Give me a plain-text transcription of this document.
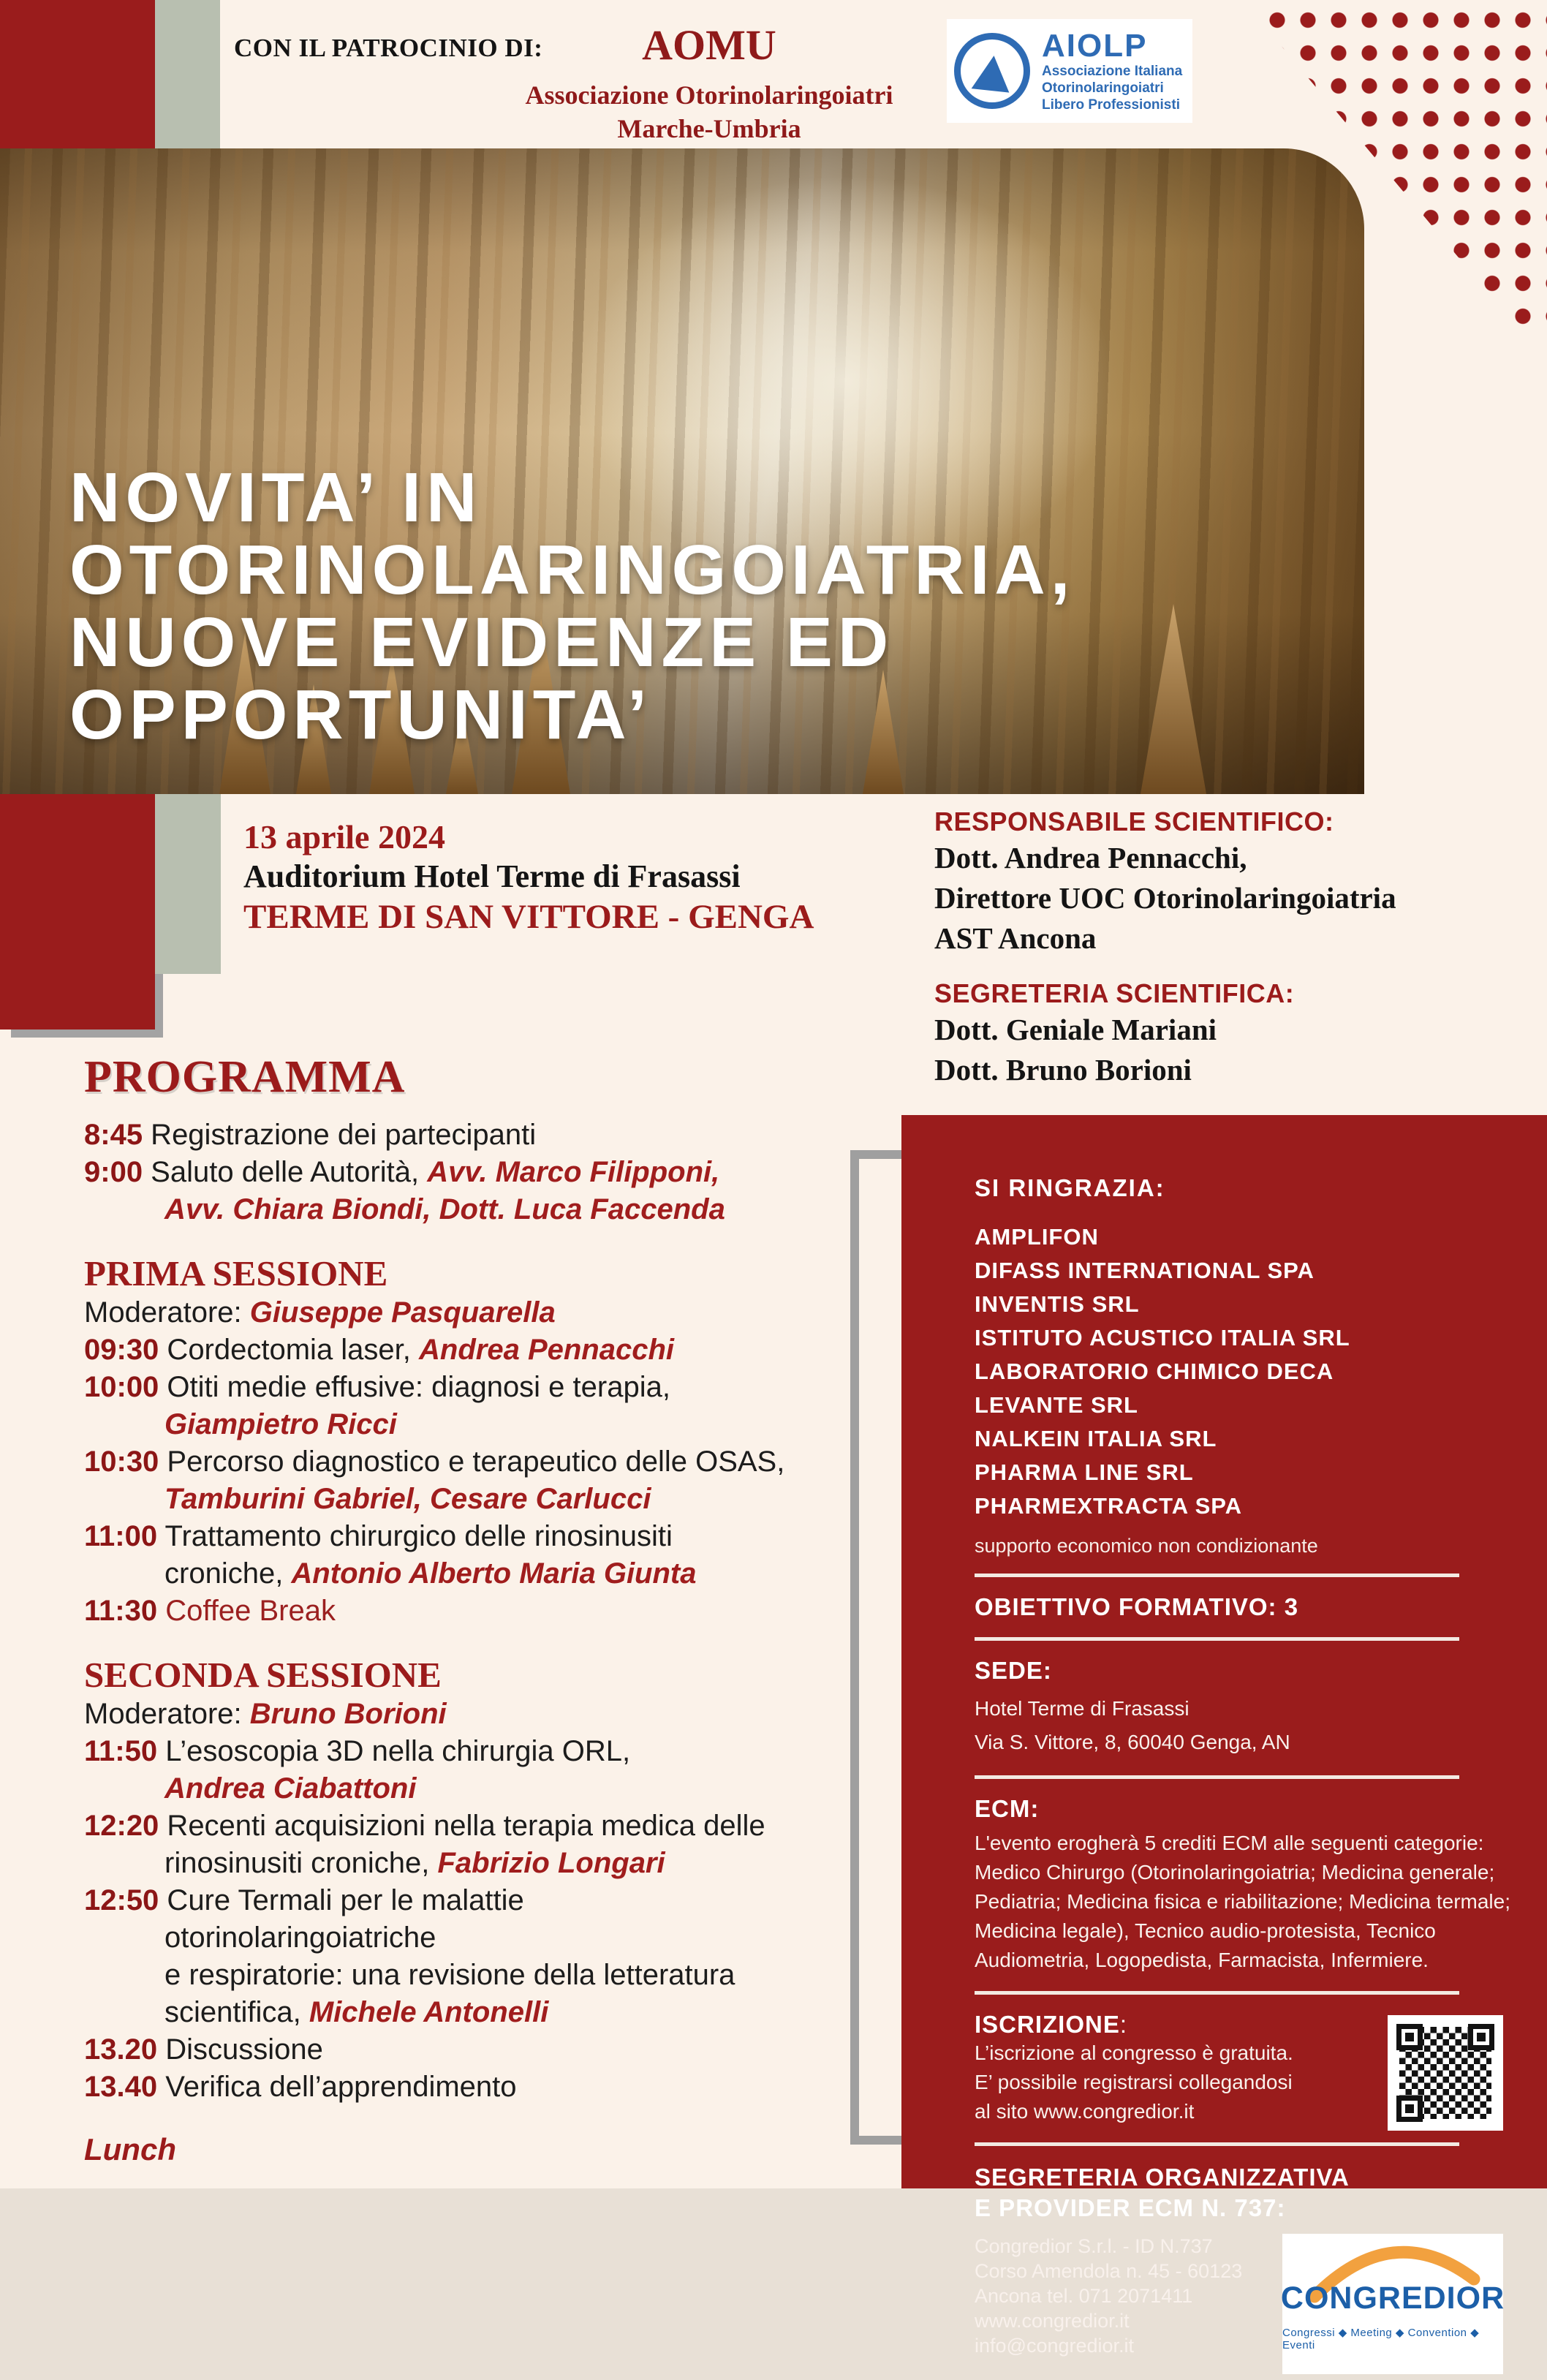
CON IL PATROCINIO DI:	AOMU
Associazione Otorinolaringoiatri
Marche-Umbria
AIOLP
Associazione Italiana
Otorinolaringoiatri
Libero Professionisti
NOVITA’ IN
OTORINOLARINGOIATRIA,
NUOVE EVIDENZE ED
OPPORTUNITA’
13 aprile 2024
Auditorium Hotel Terme di Frasassi
TERME DI SAN VITTORE - GENGA
RESPONSABILE SCIENTIFICO:
Dott. Andrea Pennacchi,
Direttore UOC Otorinolaringoiatria
AST Ancona
SEGRETERIA SCIENTIFICA:
Dott. Geniale Mariani
Dott. Bruno Borioni
PROGRAMMA
8:45 Registrazione dei partecipanti
9:00 Saluto delle Autorità, Avv. Marco Filipponi,
Avv. Chiara Biondi, Dott. Luca Faccenda
PRIMA SESSIONE
Moderatore: Giuseppe Pasquarella
09:30 Cordectomia laser, Andrea Pennacchi
10:00 Otiti medie effusive: diagnosi e terapia,
Giampietro Ricci
10:30 Percorso diagnostico e terapeutico delle OSAS,
Tamburini Gabriel, Cesare Carlucci
11:00 Trattamento chirurgico delle rinosinusiti
croniche, Antonio Alberto Maria Giunta
11:30 Coffee Break
SECONDA SESSIONE
Moderatore: Bruno Borioni
11:50 L’esoscopia 3D nella chirurgia ORL,
Andrea Ciabattoni
12:20 Recenti acquisizioni nella terapia medica delle
rinosinusiti croniche, Fabrizio Longari
12:50 Cure Termali per le malattie
otorinolaringoiatriche
e respiratorie: una revisione della letteratura
scientifica, Michele Antonelli
13.20 Discussione
13.40 Verifica dell’apprendimento
Lunch
SI RINGRAZIA:
AMPLIFON
DIFASS INTERNATIONAL SPA
INVENTIS SRL
ISTITUTO ACUSTICO ITALIA SRL
LABORATORIO CHIMICO DECA
LEVANTE SRL
NALKEIN ITALIA SRL
PHARMA LINE SRL
PHARMEXTRACTA SPA
supporto economico non condizionante
OBIETTIVO FORMATIVO: 3
SEDE:
Hotel Terme di Frasassi
Via S. Vittore, 8, 60040 Genga, AN
ECM:
L'evento erogherà 5 crediti ECM alle seguenti categorie:
Medico Chirurgo (Otorinolaringoiatria; Medicina generale;
Pediatria; Medicina fisica e riabilitazione; Medicina termale;
Medicina legale), Tecnico audio-protesista, Tecnico
Audiometria, Logopedista, Farmacista, Infermiere.
ISCRIZIONE:
L’iscrizione al congresso è gratuita.
E’ possibile registrarsi collegandosi
al sito www.congredior.it
SEGRETERIA ORGANIZZATIVA
E PROVIDER ECM N. 737:
Congredior S.r.l. - ID N.737
Corso Amendola n. 45 - 60123
Ancona tel. 071 2071411
www.congredior.it
info@congredior.it
CONGREDIOR
Congressi ◆ Meeting ◆ Convention ◆ Eventi
